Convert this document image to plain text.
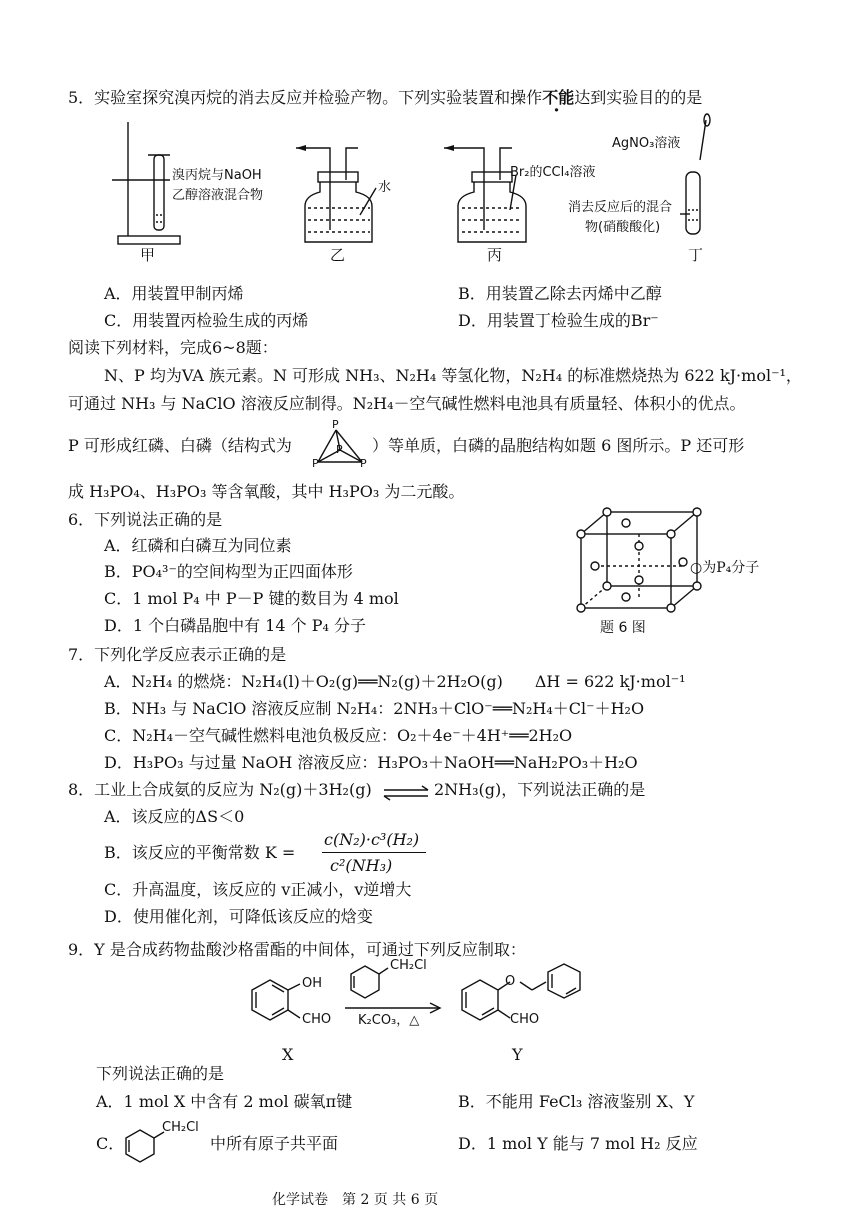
5．实验室探究溴丙烷的消去反应并检验产物。下列实验装置和操作不能达到实验目的的是
溴丙烷与NaOH
乙醇溶液混合物
水
Br₂的CCl₄溶液
AgNO₃溶液
消去反应后的混合
物(硝酸酸化)
甲	乙	丙	丁
A．用装置甲制丙烯	B．用装置乙除去丙烯中乙醇
C．用装置丙检验生成的丙烯	D．用装置丁检验生成的Br⁻
阅读下列材料，完成6~8题：
N、P 均为VA 族元素。N 可形成 NH₃、N₂H₄ 等氢化物，N₂H₄ 的标准燃烧热为 622 kJ·mol⁻¹，
可通过 NH₃ 与 NaClO 溶液反应制得。N₂H₄－空气碱性燃料电池具有质量轻、体积小的优点。
P 可形成红磷、白磷（结构式为
P
P
P	P
）等单质，白磷的晶胞结构如题 6 图所示。P 还可形
成 H₃PO₄、H₃PO₃ 等含氧酸，其中 H₃PO₃ 为二元酸。
6．下列说法正确的是
A．红磷和白磷互为同位素
B．PO₄³⁻的空间构型为正四面体形
C．1 mol P₄ 中 P－P 键的数目为 4 mol
D．1 个白磷晶胞中有 14 个 P₄ 分子
○为P₄分子
题 6 图
7．下列化学反应表示正确的是
A．N₂H₄ 的燃烧：N₂H₄(l)＋O₂(g)══N₂(g)＋2H₂O(g)　　ΔH = 622 kJ·mol⁻¹
B．NH₃ 与 NaClO 溶液反应制 N₂H₄：2NH₃＋ClO⁻══N₂H₄＋Cl⁻＋H₂O
C．N₂H₄－空气碱性燃料电池负极反应：O₂＋4e⁻＋4H⁺══2H₂O
D．H₃PO₃ 与过量 NaOH 溶液反应：H₃PO₃＋NaOH══NaH₂PO₃＋H₂O
8．工业上合成氨的反应为 N₂(g)＋3H₂(g) ⇌ 2NH₃(g)，下列说法正确的是
A．该反应的ΔS＜0
B．该反应的平衡常数 K =
c(N₂)·c³(H₂)
c²(NH₃)
C．升高温度，该反应的 v正减小，v逆增大
D．使用催化剂，可降低该反应的焓变
9．Y 是合成药物盐酸沙格雷酯的中间体，可通过下列反应制取：
OH
CHO
X
CH₂Cl
K₂CO₃，△
O
CHO
Y
下列说法正确的是
A．1 mol X 中含有 2 mol 碳氧π键	B．不能用 FeCl₃ 溶液鉴别 X、Y
C．
CH₂Cl
中所有原子共平面	D．1 mol Y 能与 7 mol H₂ 反应
化学试卷　第 2 页 共 6 页
